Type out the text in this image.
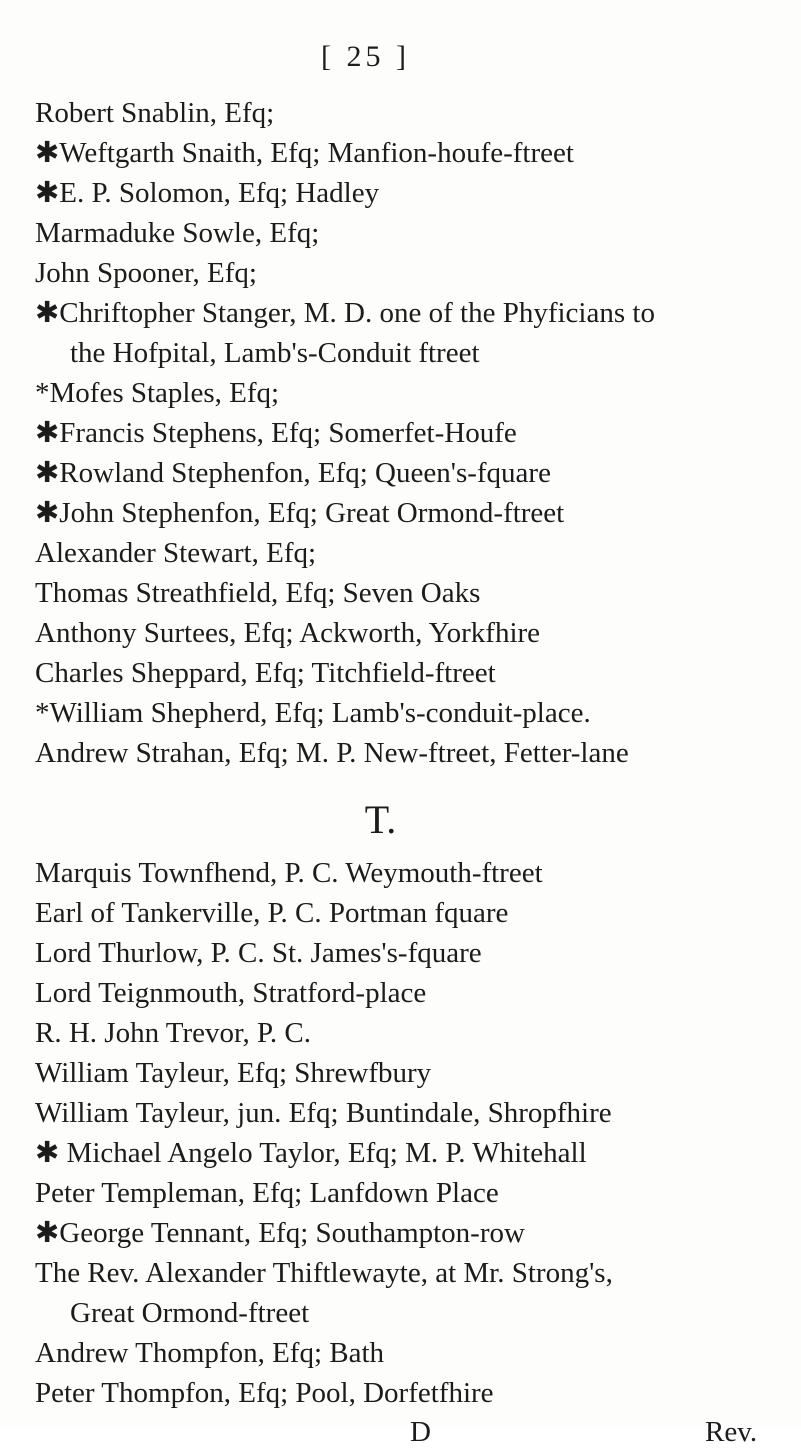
[ 25 ]
T.
Robert Snablin, Efq;
✱Weftgarth Snaith, Efq; Manfion-houfe-ftreet
✱E. P. Solomon, Efq; Hadley
Marmaduke Sowle, Efq;
John Spooner, Efq;
✱Chriftopher Stanger, M. D. one of the Phyficians to
the Hofpital, Lamb's-Conduit ftreet
*Mofes Staples, Efq;
✱Francis Stephens, Efq; Somerfet-Houfe
✱Rowland Stephenfon, Efq; Queen's-fquare
✱John Stephenfon, Efq; Great Ormond-ftreet
Alexander Stewart, Efq;
Thomas Streathfield, Efq; Seven Oaks
Anthony Surtees, Efq; Ackworth, Yorkfhire
Charles Sheppard, Efq; Titchfield-ftreet
*William Shepherd, Efq; Lamb's-conduit-place.
Andrew Strahan, Efq; M. P. New-ftreet, Fetter-lane
Marquis Townfhend, P. C. Weymouth-ftreet
Earl of Tankerville, P. C. Portman fquare
Lord Thurlow, P. C. St. James's-fquare
Lord Teignmouth, Stratford-place
R. H. John Trevor, P. C.
William Tayleur, Efq; Shrewfbury
William Tayleur, jun. Efq; Buntindale, Shropfhire
✱ Michael Angelo Taylor, Efq; M. P. Whitehall
Peter Templeman, Efq; Lanfdown Place
✱George Tennant, Efq; Southampton-row
The Rev. Alexander Thiftlewayte, at Mr. Strong's,
Great Ormond-ftreet
Andrew Thompfon, Efq; Bath
Peter Thompfon, Efq; Pool, Dorfetfhire
D	Rev.
